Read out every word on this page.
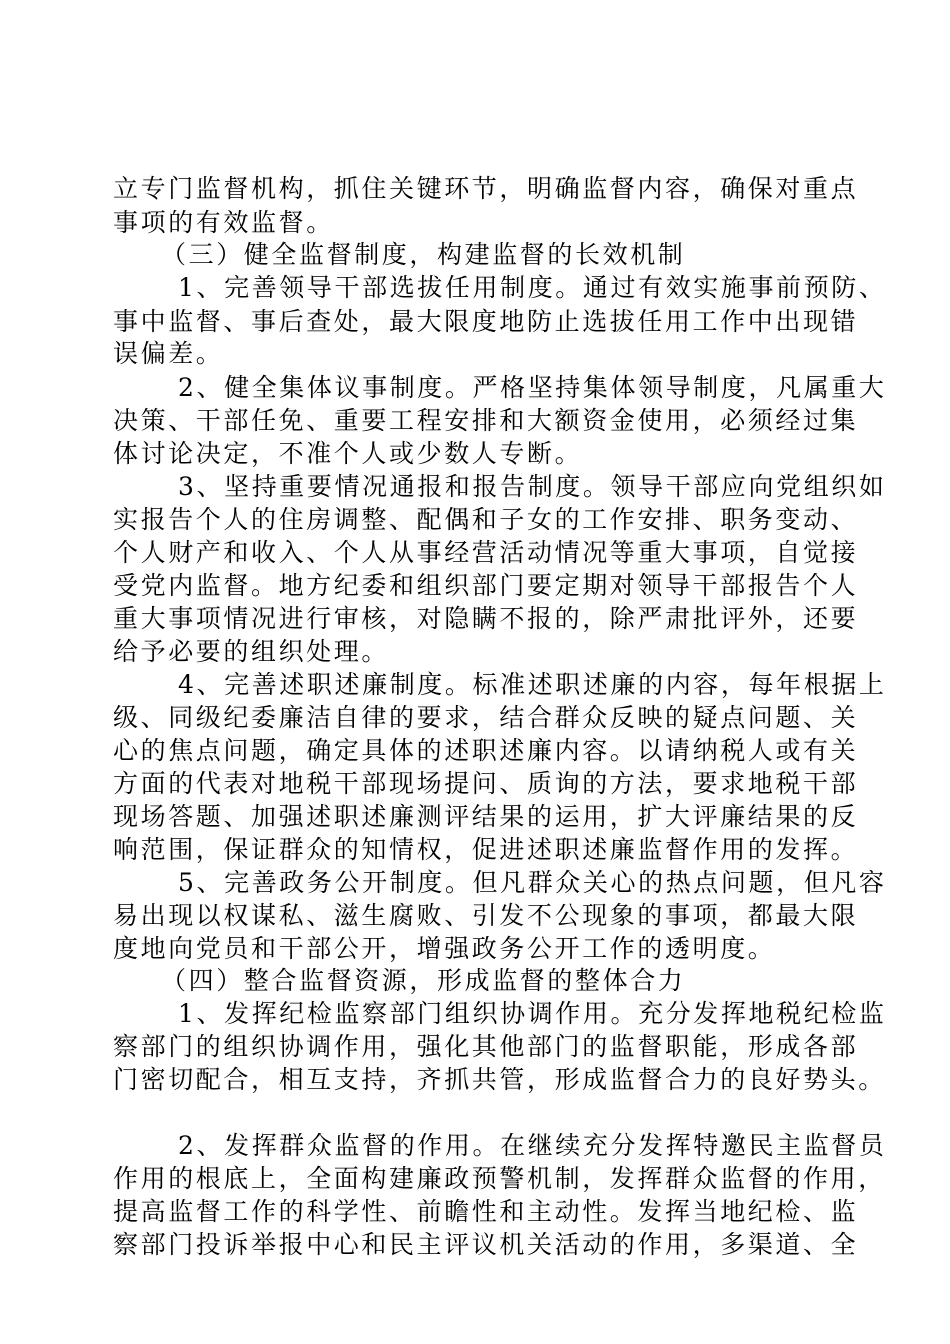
立专门监督机构，抓住关键环节，明确监督内容，确保对重点
事项的有效监督。
（三）健全监督制度，构建监督的长效机制
1、完善领导干部选拔任用制度。通过有效实施事前预防、
事中监督、事后查处，最大限度地防止选拔任用工作中出现错
误偏差。
2、健全集体议事制度。严格坚持集体领导制度，凡属重大
决策、干部任免、重要工程安排和大额资金使用，必须经过集
体讨论决定，不准个人或少数人专断。
3、坚持重要情况通报和报告制度。领导干部应向党组织如
实报告个人的住房调整、配偶和子女的工作安排、职务变动、
个人财产和收入、个人从事经营活动情况等重大事项，自觉接
受党内监督。地方纪委和组织部门要定期对领导干部报告个人
重大事项情况进行审核，对隐瞒不报的，除严肃批评外，还要
给予必要的组织处理。
4、完善述职述廉制度。标准述职述廉的内容，每年根据上
级、同级纪委廉洁自律的要求，结合群众反映的疑点问题、关
心的焦点问题，确定具体的述职述廉内容。以请纳税人或有关
方面的代表对地税干部现场提问、质询的方法，要求地税干部
现场答题、加强述职述廉测评结果的运用，扩大评廉结果的反
响范围，保证群众的知情权，促进述职述廉监督作用的发挥。
5、完善政务公开制度。但凡群众关心的热点问题，但凡容
易出现以权谋私、滋生腐败、引发不公现象的事项，都最大限
度地向党员和干部公开，增强政务公开工作的透明度。
（四）整合监督资源，形成监督的整体合力
1、发挥纪检监察部门组织协调作用。充分发挥地税纪检监
察部门的组织协调作用，强化其他部门的监督职能，形成各部
门密切配合，相互支持，齐抓共管，形成监督合力的良好势头。
2、发挥群众监督的作用。在继续充分发挥特邀民主监督员
作用的根底上，全面构建廉政预警机制，发挥群众监督的作用，
提高监督工作的科学性、前瞻性和主动性。发挥当地纪检、监
察部门投诉举报中心和民主评议机关活动的作用，多渠道、全
